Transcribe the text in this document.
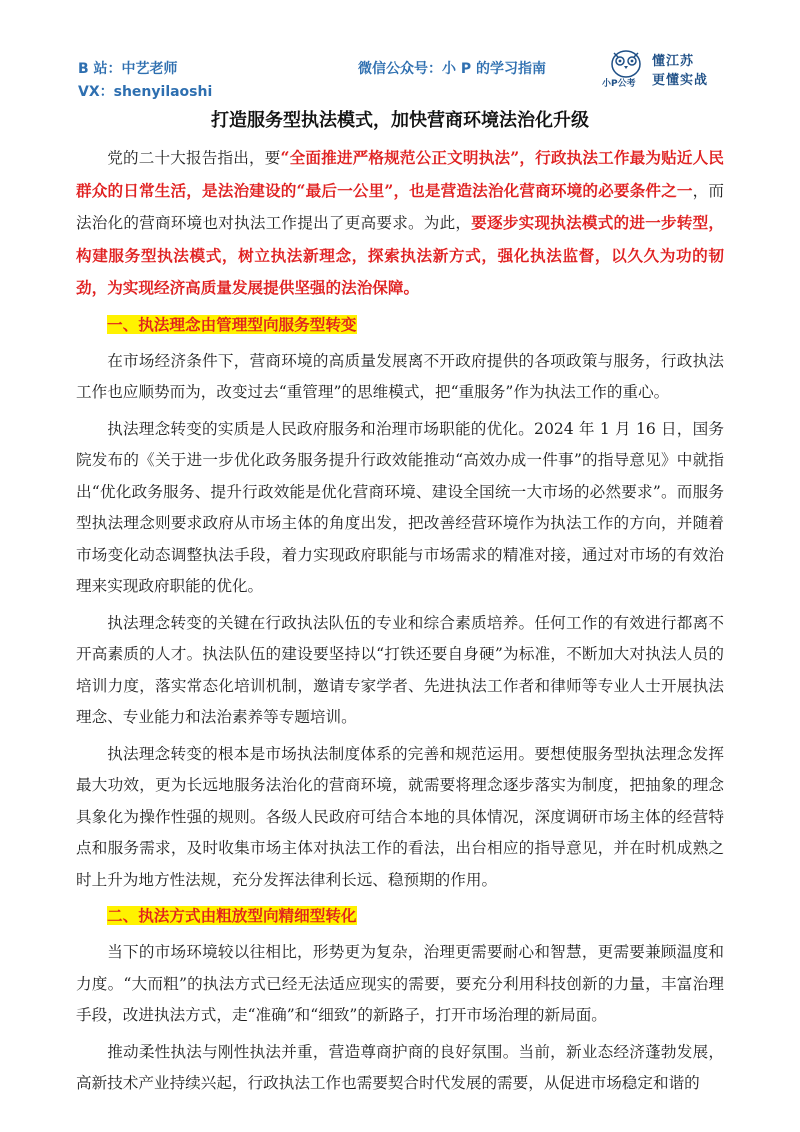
B 站：中艺老师
VX：shenyilaoshi
微信公众号：小 P 的学习指南
小P公考
懂江苏
更懂实战
打造服务型执法模式，加快营商环境法治化升级

党的二十大报告指出，要“全面推进严格规范公正文明执法”，行政执法工作最为贴近人民群众的日常生活，是法治建设的“最后一公里”，也是营造法治化营商环境的必要条件之一，而法治化的营商环境也对执法工作提出了更高要求。为此，要逐步实现执法模式的进一步转型，构建服务型执法模式，树立执法新理念，探索执法新方式，强化执法监督，以久久为功的韧劲，为实现经济高质量发展提供坚强的法治保障。

一、执法理念由管理型向服务型转变

在市场经济条件下，营商环境的高质量发展离不开政府提供的各项政策与服务，行政执法工作也应顺势而为，改变过去“重管理”的思维模式，把“重服务”作为执法工作的重心。

执法理念转变的实质是人民政府服务和治理市场职能的优化。2024 年 1 月 16 日，国务院发布的《关于进一步优化政务服务提升行政效能推动“高效办成一件事”的指导意见》中就指出“优化政务服务、提升行政效能是优化营商环境、建设全国统一大市场的必然要求”。而服务型执法理念则要求政府从市场主体的角度出发，把改善经营环境作为执法工作的方向，并随着市场变化动态调整执法手段，着力实现政府职能与市场需求的精准对接，通过对市场的有效治理来实现政府职能的优化。

执法理念转变的关键在行政执法队伍的专业和综合素质培养。任何工作的有效进行都离不开高素质的人才。执法队伍的建设要坚持以“打铁还要自身硬”为标准，不断加大对执法人员的培训力度，落实常态化培训机制，邀请专家学者、先进执法工作者和律师等专业人士开展执法理念、专业能力和法治素养等专题培训。

执法理念转变的根本是市场执法制度体系的完善和规范运用。要想使服务型执法理念发挥最大功效，更为长远地服务法治化的营商环境，就需要将理念逐步落实为制度，把抽象的理念具象化为操作性强的规则。各级人民政府可结合本地的具体情况，深度调研市场主体的经营特点和服务需求，及时收集市场主体对执法工作的看法，出台相应的指导意见，并在时机成熟之时上升为地方性法规，充分发挥法律利长远、稳预期的作用。

二、执法方式由粗放型向精细型转化

当下的市场环境较以往相比，形势更为复杂，治理更需要耐心和智慧，更需要兼顾温度和力度。“大而粗”的执法方式已经无法适应现实的需要，要充分利用科技创新的力量，丰富治理手段，改进执法方式，走“准确”和“细致”的新路子，打开市场治理的新局面。

推动柔性执法与刚性执法并重，营造尊商护商的良好氛围。当前，新业态经济蓬勃发展，高新技术产业持续兴起，行政执法工作也需要契合时代发展的需要，从促进市场稳定和谐的
